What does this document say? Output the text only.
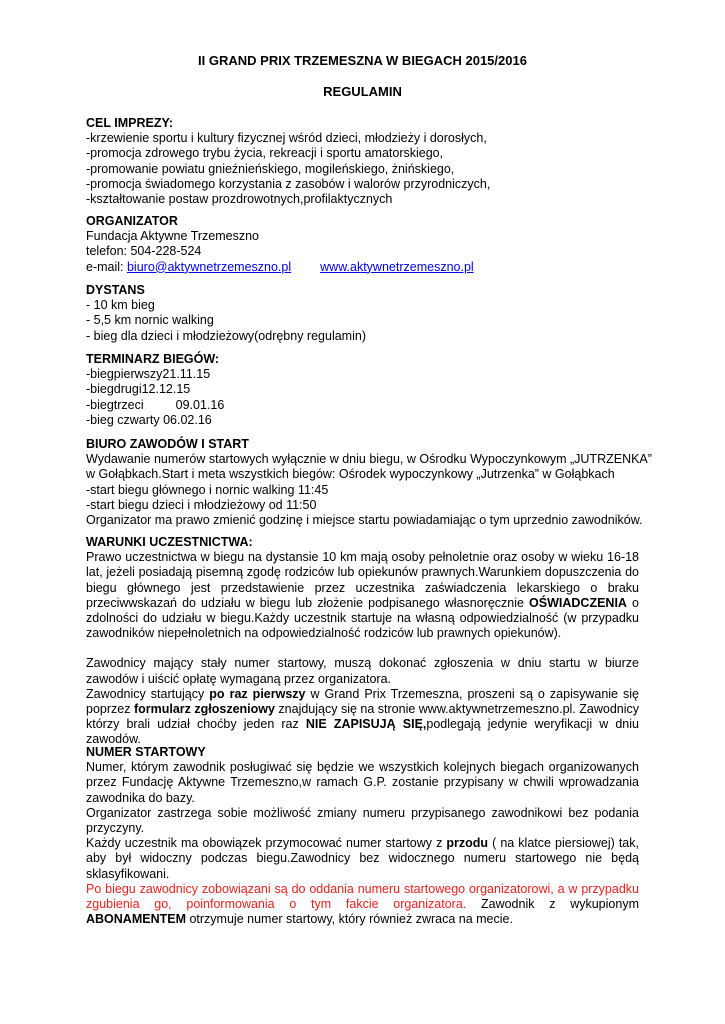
II GRAND PRIX TRZEMESZNA W BIEGACH 2015/2016

REGULAMIN

CEL IMPREZY:
-krzewienie sportu i kultury fizycznej wśród dzieci, młodzieży i dorosłych,
-promocja zdrowego trybu życia, rekreacji i sportu amatorskiego,
-promowanie powiatu gnieźnieńskiego, mogileńskiego, żnińskiego,
-promocja świadomego korzystania z zasobów i walorów przyrodniczych,
-kształtowanie postaw prozdrowotnych,profilaktycznych
ORGANIZATOR
Fundacja Aktywne Trzemeszno
telefon: 504-228-524
e-mail: biuro@aktywnetrzemeszno.pl www.aktywnetrzemeszno.pl
DYSTANS
- 10 km bieg
- 5,5 km nornic walking
- bieg dla dzieci i młodzieżowy(odrębny regulamin)
TERMINARZ BIEGÓW:
-biegpierwszy21.11.15
-biegdrugi12.12.15
-biegtrzeci	09.01.16
-bieg czwarty 06.02.16
BIURO ZAWODÓW I START
Wydawanie numerów startowych wyłącznie w dniu biegu, w Ośrodku Wypoczynkowym „JUTRZENKA”
w Gołąbkach.Start i meta wszystkich biegów: Ośrodek wypoczynkowy „Jutrzenka” w Gołąbkach
-start biegu głównego i nornic walking 11:45
-start biegu dzieci i młodzieżowy od 11:50
Organizator ma prawo zmienić godzinę i miejsce startu powiadamiając o tym uprzednio zawodników.
WARUNKI UCZESTNICTWA:

Prawo uczestnictwa w biegu na dystansie 10 km mają osoby pełnoletnie oraz osoby w wieku 16-18 lat, jeżeli posiadają pisemną zgodę rodziców lub opiekunów prawnych.Warunkiem dopuszczenia do biegu głównego jest przedstawienie przez uczestnika zaświadczenia lekarskiego o braku przeciwwskazań do udziału w biegu lub złożenie podpisanego własnoręcznie OŚWIADCZENIA o zdolności do udziału w biegu.Każdy uczestnik startuje na własną odpowiedzialność (w przypadku zawodników niepełnoletnich na odpowiedzialność rodziców lub prawnych opiekunów).

Zawodnicy mający stały numer startowy, muszą dokonać zgłoszenia w dniu startu w biurze zawodów i uiścić opłatę wymaganą przez organizatora.

Zawodnicy startujący po raz pierwszy w Grand Prix Trzemeszna, proszeni są o zapisywanie się poprzez formularz zgłoszeniowy znajdujący się na stronie www.aktywnetrzemeszno.pl. Zawodnicy którzy brali udział choćby jeden raz NIE ZAPISUJĄ SIĘ,podlegają jedynie weryfikacji w dniu zawodów.

NUMER STARTOWY

Numer, którym zawodnik posługiwać się będzie we wszystkich kolejnych biegach organizowanych przez Fundację Aktywne Trzemeszno,w ramach G.P. zostanie przypisany w chwili wprowadzania zawodnika do bazy.

Organizator zastrzega sobie możliwość zmiany numeru przypisanego zawodnikowi bez podania przyczyny.

Każdy uczestnik ma obowiązek przymocować numer startowy z przodu ( na klatce piersiowej) tak, aby był widoczny podczas biegu.Zawodnicy bez widocznego numeru startowego nie będą sklasyfikowani.

Po biegu zawodnicy zobowiązani są do oddania numeru startowego organizatorowi, a w przypadku zgubienia go, poinformowania o tym fakcie organizatora. Zawodnik z wykupionym ABONAMENTEM otrzymuje numer startowy, który również zwraca na mecie.
